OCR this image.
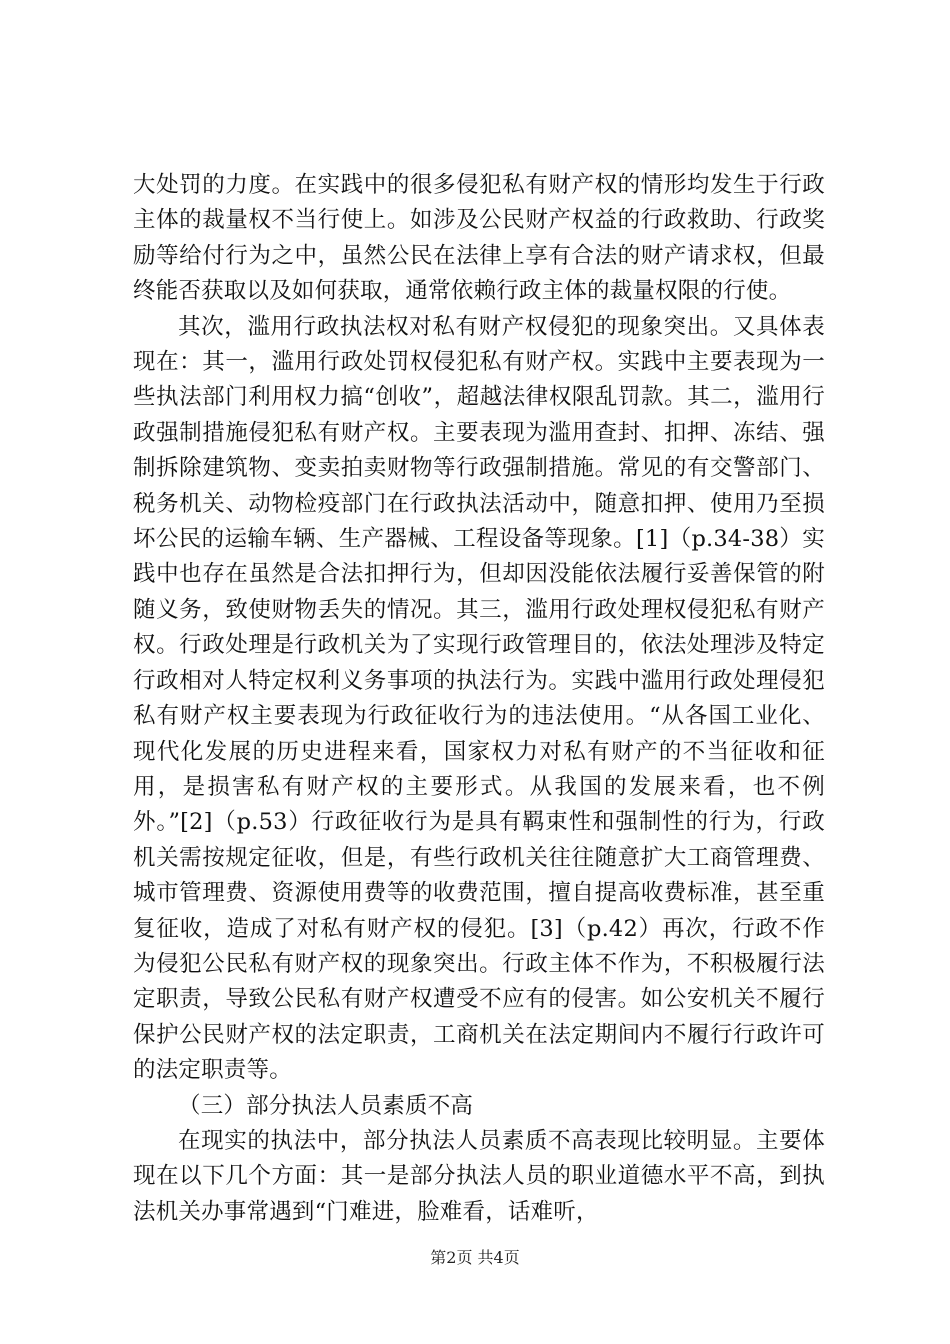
大处罚的力度。在实践中的很多侵犯私有财产权的情形均发生于行政主体的裁量权不当行使上。如涉及公民财产权益的行政救助、行政奖励等给付行为之中，虽然公民在法律上享有合法的财产请求权，但最终能否获取以及如何获取，通常依赖行政主体的裁量权限的行使。

其次，滥用行政执法权对私有财产权侵犯的现象突出。又具体表现在：其一，滥用行政处罚权侵犯私有财产权。实践中主要表现为一些执法部门利用权力搞“创收”，超越法律权限乱罚款。其二，滥用行政强制措施侵犯私有财产权。主要表现为滥用查封、扣押、冻结、强制拆除建筑物、变卖拍卖财物等行政强制措施。常见的有交警部门、税务机关、动物检疫部门在行政执法活动中，随意扣押、使用乃至损坏公民的运输车辆、生产器械、工程设备等现象。[1]（p.34-38）实践中也存在虽然是合法扣押行为，但却因没能依法履行妥善保管的附随义务，致使财物丢失的情况。其三，滥用行政处理权侵犯私有财产权。行政处理是行政机关为了实现行政管理目的，依法处理涉及特定行政相对人特定权利义务事项的执法行为。实践中滥用行政处理侵犯私有财产权主要表现为行政征收行为的违法使用。“从各国工业化、现代化发展的历史进程来看，国家权力对私有财产的不当征收和征用，是损害私有财产权的主要形式。从我国的发展来看，也不例外。”[2]（p.53）行政征收行为是具有羁束性和强制性的行为，行政机关需按规定征收，但是，有些行政机关往往随意扩大工商管理费、城市管理费、资源使用费等的收费范围，擅自提高收费标准，甚至重复征收，造成了对私有财产权的侵犯。[3]（p.42）再次，行政不作为侵犯公民私有财产权的现象突出。行政主体不作为，不积极履行法定职责，导致公民私有财产权遭受不应有的侵害。如公安机关不履行保护公民财产权的法定职责，工商机关在法定期间内不履行行政许可的法定职责等。

（三）部分执法人员素质不高

在现实的执法中，部分执法人员素质不高表现比较明显。主要体现在以下几个方面：其一是部分执法人员的职业道德水平不高，到执法机关办事常遇到“门难进，脸难看，话难听，

第2页 共4页
